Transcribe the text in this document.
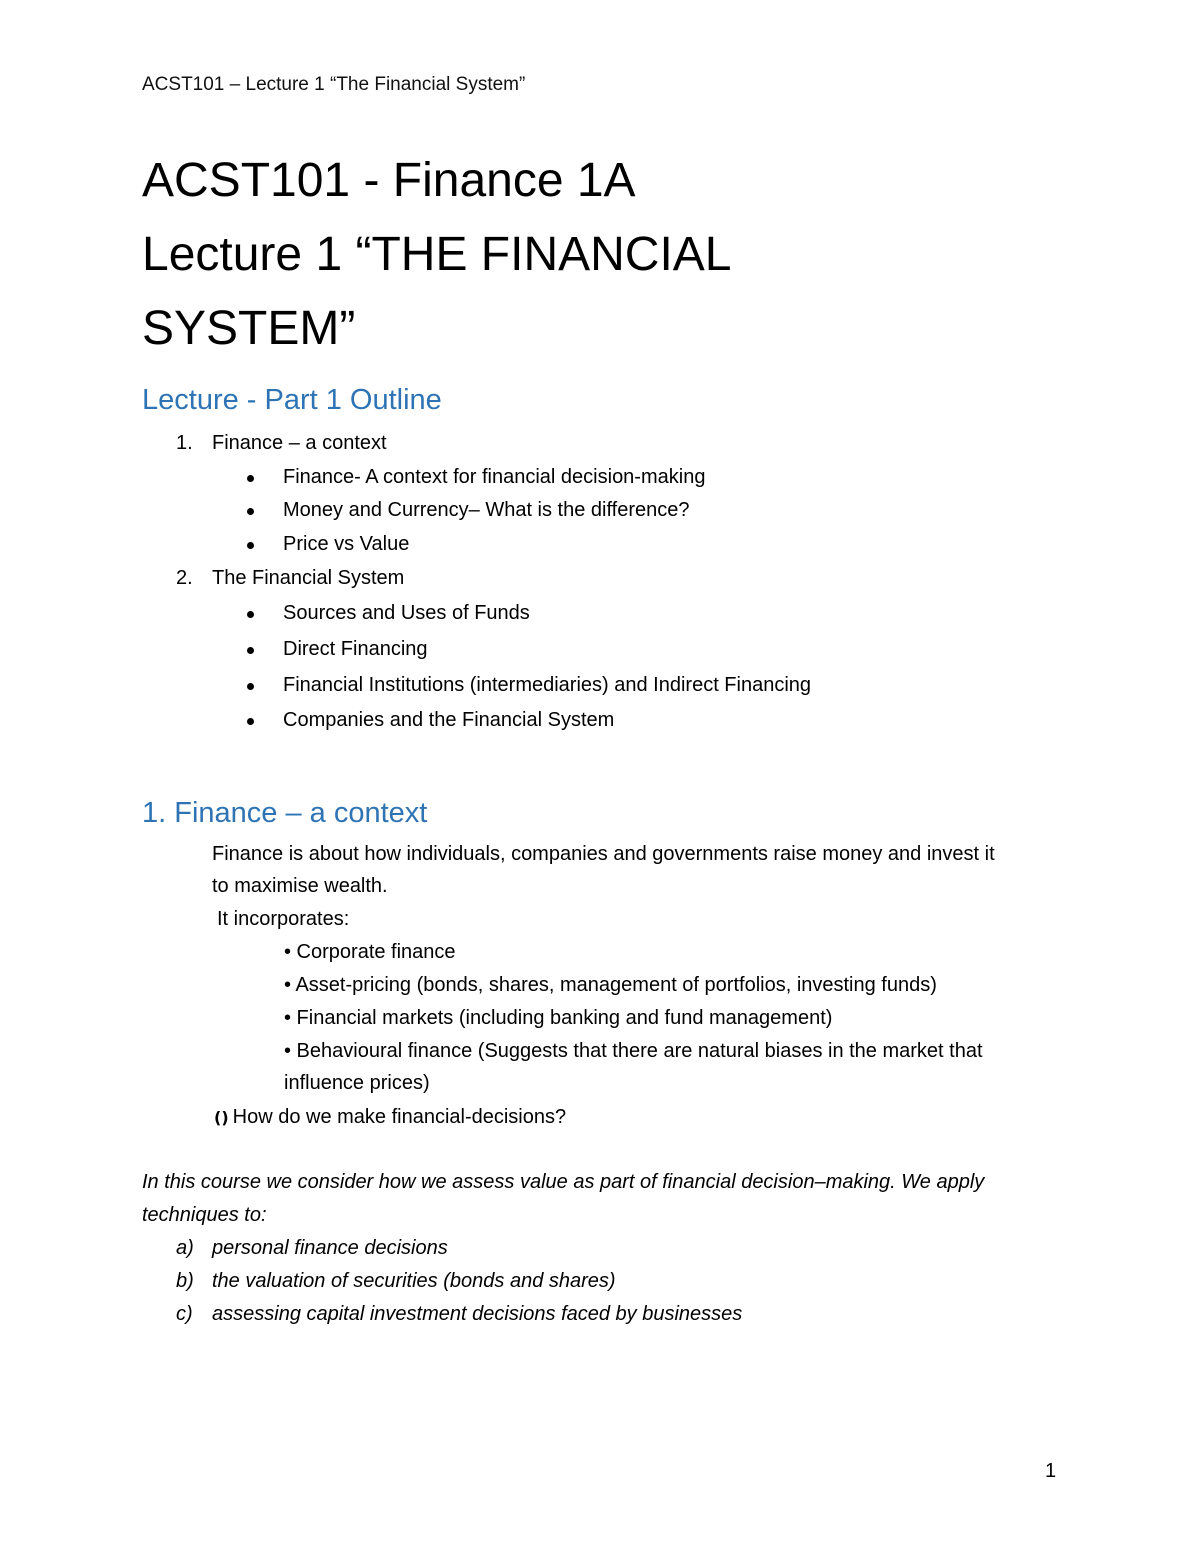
ACST101 – Lecture 1 “The Financial System”
ACST101 - Finance 1A
Lecture 1 “THE FINANCIAL
SYSTEM”
Lecture - Part 1 Outline
1. Finance – a context
Finance- A context for financial decision-making
Money and Currency– What is the difference?
Price vs Value
2. The Financial System
Sources and Uses of Funds
Direct Financing
Financial Institutions (intermediaries) and Indirect Financing
Companies and the Financial System
1. Finance – a context
Finance is about how individuals, companies and governments raise money and invest it
to maximise wealth.
It incorporates:
• Corporate finance
• Asset-pricing (bonds, shares, management of portfolios, investing funds)
• Financial markets (including banking and fund management)
• Behavioural finance (Suggests that there are natural biases in the market that
influence prices)
() How do we make financial-decisions?
In this course we consider how we assess value as part of financial decision–making. We apply
techniques to:
a) personal finance decisions
b) the valuation of securities (bonds and shares)
c) assessing capital investment decisions faced by businesses
1
